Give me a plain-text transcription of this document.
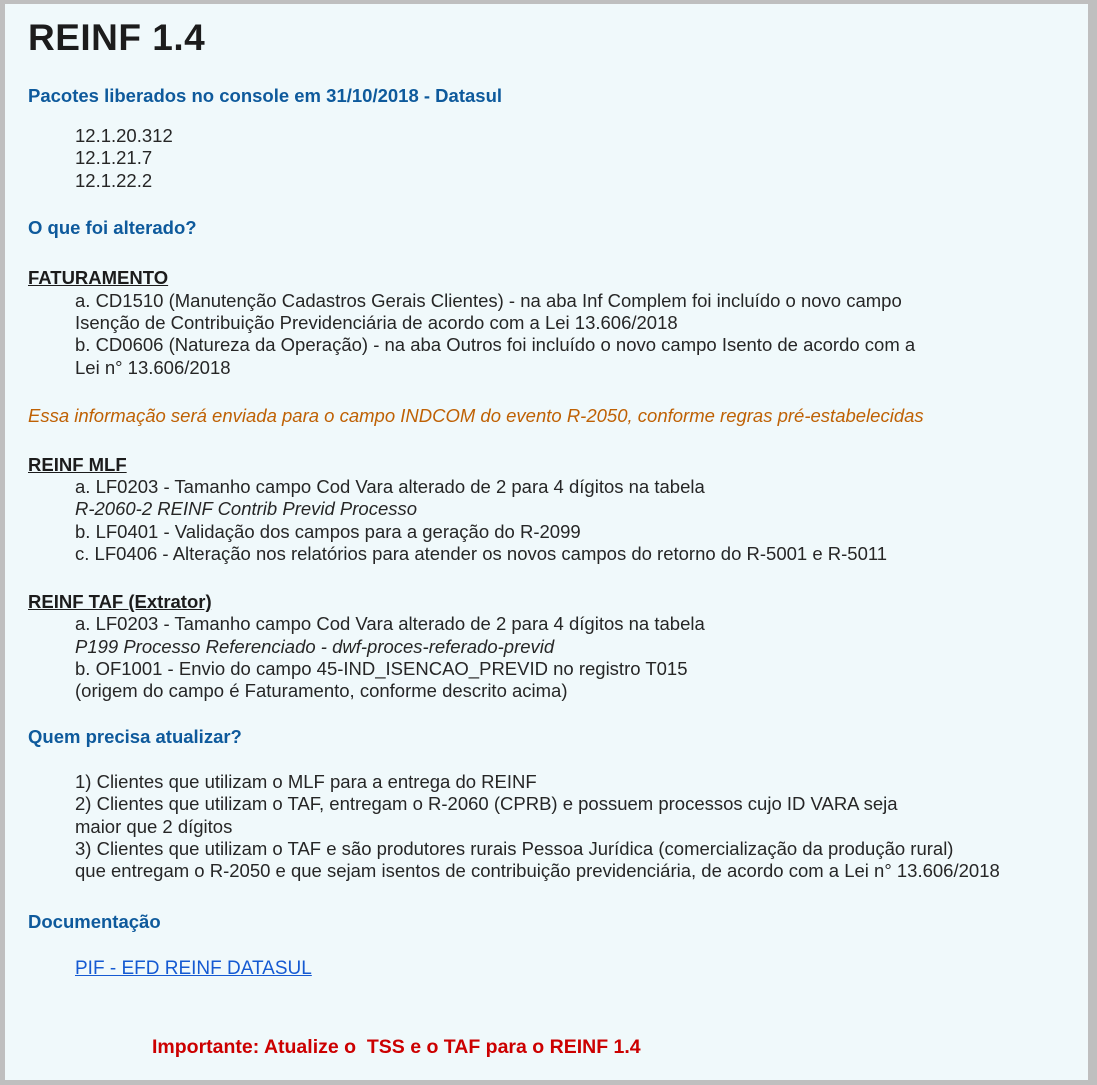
REINF 1.4
Pacotes liberados no console em 31/10/2018 - Datasul
12.1.20.312
12.1.21.7
12.1.22.2
O que foi alterado?
FATURAMENTO
a. CD1510 (Manutenção Cadastros Gerais Clientes) - na aba Inf Complem foi incluído o novo campo
Isenção de Contribuição Previdenciária de acordo com a Lei 13.606/2018
b. CD0606 (Natureza da Operação) - na aba Outros foi incluído o novo campo Isento de acordo com a
Lei n° 13.606/2018
Essa informação será enviada para o campo INDCOM do evento R-2050, conforme regras pré-estabelecidas
REINF MLF
a. LF0203 - Tamanho campo Cod Vara alterado de 2 para 4 dígitos na tabela
R-2060-2 REINF Contrib Previd Processo
b. LF0401 - Validação dos campos para a geração do R-2099
c. LF0406 - Alteração nos relatórios para atender os novos campos do retorno do R-5001 e R-5011
REINF TAF (Extrator)
a. LF0203 - Tamanho campo Cod Vara alterado de 2 para 4 dígitos na tabela
P199 Processo Referenciado - dwf-proces-referado-previd
b. OF1001 - Envio do campo 45-IND_ISENCAO_PREVID no registro T015
(origem do campo é Faturamento, conforme descrito acima)
Quem precisa atualizar?
1) Clientes que utilizam o MLF para a entrega do REINF
2) Clientes que utilizam o TAF, entregam o R-2060 (CPRB) e possuem processos cujo ID VARA seja
maior que 2 dígitos
3) Clientes que utilizam o TAF e são produtores rurais Pessoa Jurídica (comercialização da produção rural)
que entregam o R-2050 e que sejam isentos de contribuição previdenciária, de acordo com a Lei n° 13.606/2018
Documentação
PIF - EFD REINF DATASUL
Importante: Atualize o  TSS e o TAF para o REINF 1.4
